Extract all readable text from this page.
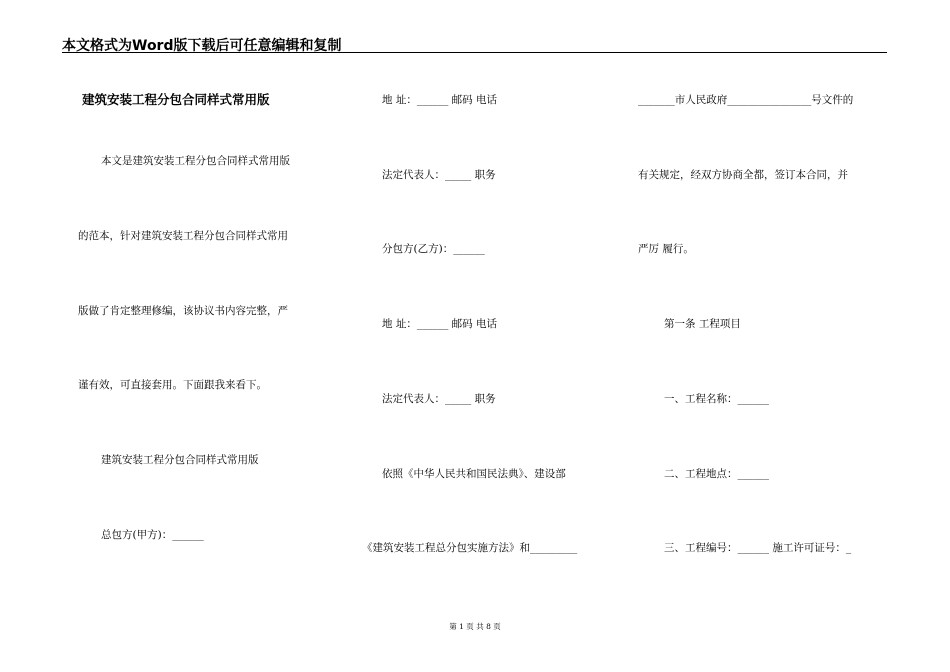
本文格式为Word版下载后可任意编辑和复制
建筑安装工程分包合同样式常用版
本文是建筑安装工程分包合同样式常用版
的范本，针对建筑安装工程分包合同样式常用
版做了肯定整理修编，该协议书内容完整，严
谨有效，可直接套用。下面跟我来看下。
建筑安装工程分包合同样式常用版
总包方(甲方)：______
地 址：______ 邮码 电话
法定代表人：_____ 职务
分包方(乙方)：______
地 址：______ 邮码 电话
法定代表人：_____ 职务
依照《中华人民共和国民法典》、建设部
《建筑安装工程总分包实施方法》和_________
_______市人民政府________________号文件的
有关规定，经双方协商全都，签订本合同，并
严厉 履行。
第一条 工程项目
一、工程名称：______
二、工程地点：______
三、工程编号：______ 施工许可证号：_
第 1 页 共 8 页
